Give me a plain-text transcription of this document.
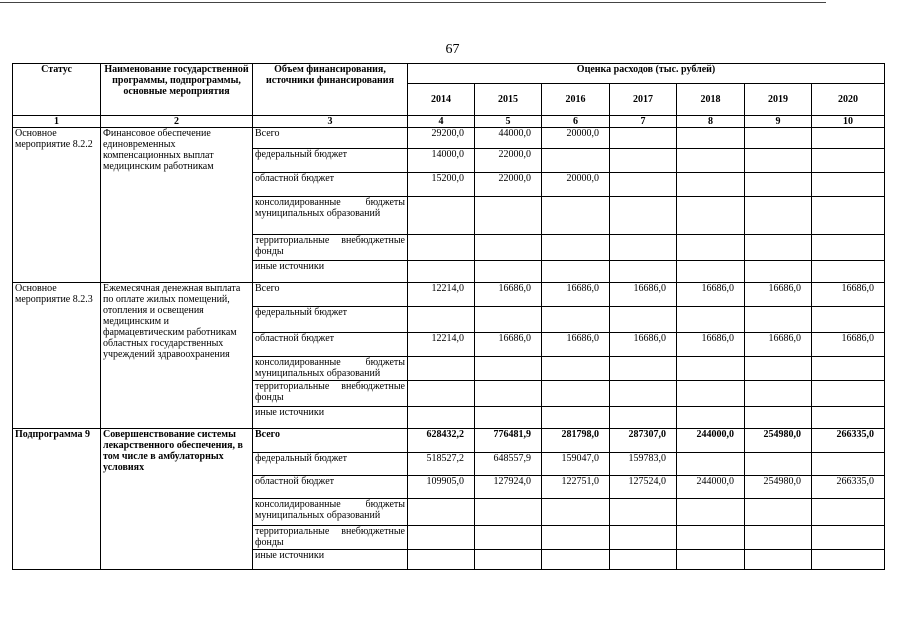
67
Статус	Наименование государственной программы, подпрограммы, основные мероприятия	Объем финансирования, источники финансирования	Оценка расходов (тыс. рублей)						
			2014	2015	2016	2017	2018	2019	2020
1	2	3	4	5	6	7	8	9	10
Основное мероприятие 8.2.2	Финансовое обеспечение единовременных компенсационных выплат медицинским работникам	Всего	29200,0	44000,0	20000,0				
		федеральный бюджет	14000,0	22000,0					
		областной бюджет	15200,0	22000,0	20000,0				
		консолидированные бюджеты муниципальных образований							
		территориальные внебюджетные фонды							
		иные источники							
Основное мероприятие 8.2.3	Ежемесячная денежная выплата по оплате жилых помещений, отопления и освещения медицинским и фармацевтическим работникам областных государственных учреждений здравоохранения	Всего	12214,0	16686,0	16686,0	16686,0	16686,0	16686,0	16686,0
		федеральный бюджет							
		областной бюджет	12214,0	16686,0	16686,0	16686,0	16686,0	16686,0	16686,0
		консолидированные бюджеты муниципальных образований							
		территориальные внебюджетные фонды							
		иные источники							
Подпрограмма 9	Совершенствование системы лекарственного обеспечения, в том числе в амбулаторных условиях	Всего	628432,2	776481,9	281798,0	287307,0	244000,0	254980,0	266335,0
		федеральный бюджет	518527,2	648557,9	159047,0	159783,0			
		областной бюджет	109905,0	127924,0	122751,0	127524,0	244000,0	254980,0	266335,0
		консолидированные бюджеты муниципальных образований							
		территориальные внебюджетные фонды							
		иные источники							
